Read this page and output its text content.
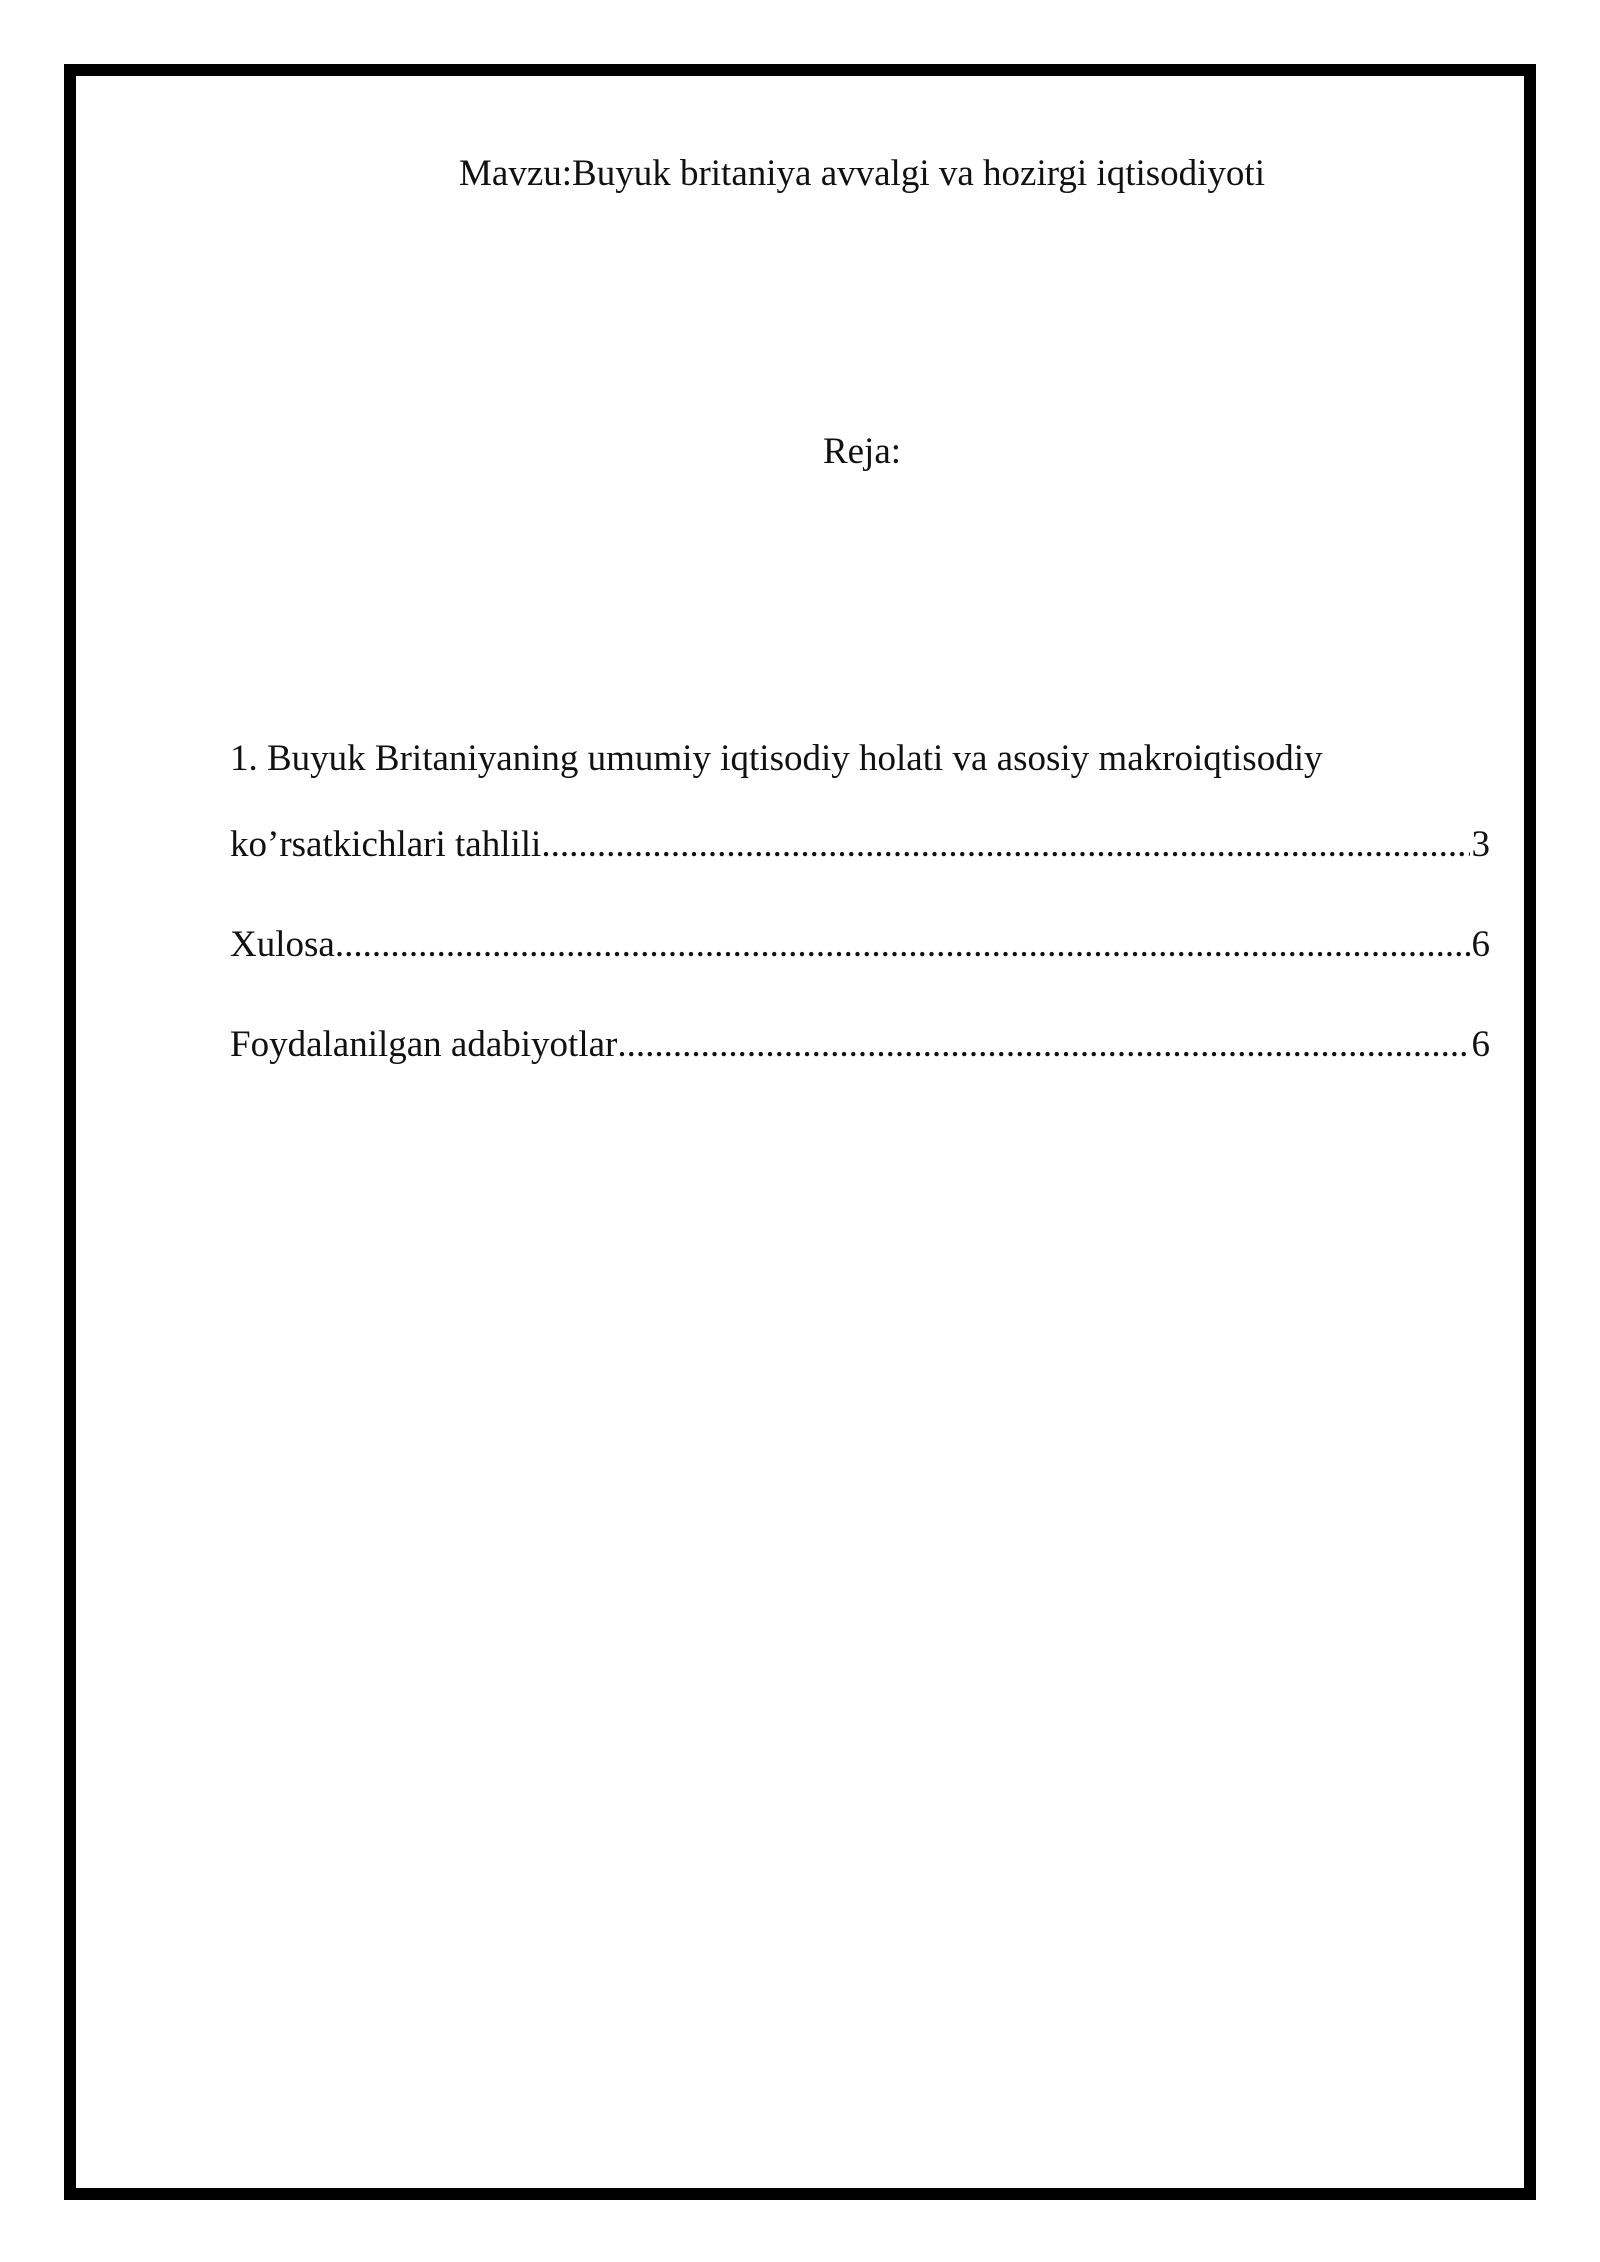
Mavzu:Buyuk britaniya avvalgi va hozirgi iqtisodiyoti
Reja:
1. Buyuk Britaniyaning umumiy iqtisodiy holati va asosiy makroiqtisodiy
ko’rsatkichlari tahlili .....	3
Xulosa .....	6
Foydalanilgan adabiyotlar .....	6
